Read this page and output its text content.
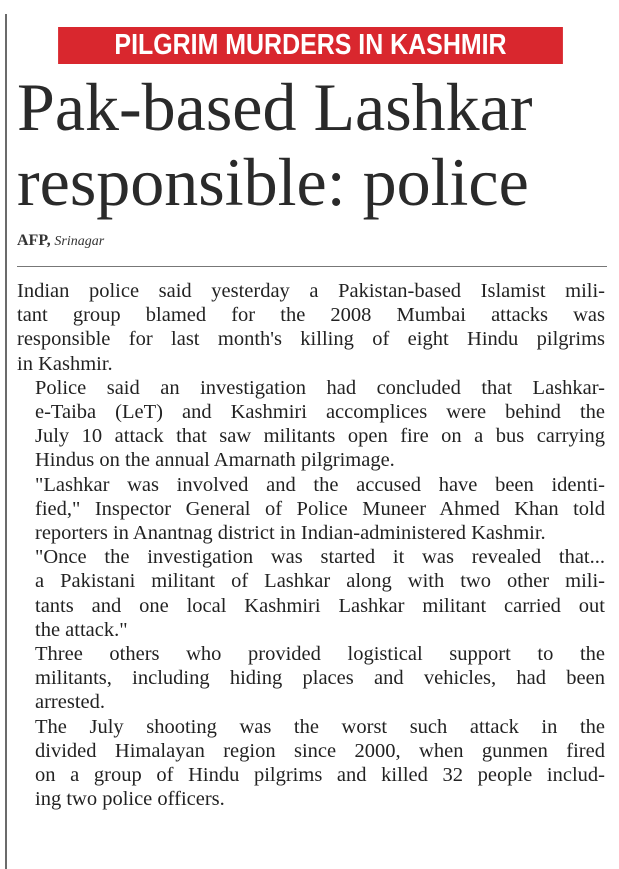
PILGRIM MURDERS IN KASHMIR
Pak-based Lashkar
responsible: police
AFP, Srinagar

Indian police said yesterday a Pakistan-based Islamist mili-
tant group blamed for the 2008 Mumbai attacks was
responsible for last month's killing of eight Hindu pilgrims
in Kashmir.

Police said an investigation had concluded that Lashkar-
e-Taiba (LeT) and Kashmiri accomplices were behind the
July 10 attack that saw militants open fire on a bus carrying
Hindus on the annual Amarnath pilgrimage.

"Lashkar was involved and the accused have been identi-
fied," Inspector General of Police Muneer Ahmed Khan told
reporters in Anantnag district in Indian-administered Kashmir.

"Once the investigation was started it was revealed that...
a Pakistani militant of Lashkar along with two other mili-
tants and one local Kashmiri Lashkar militant carried out
the attack."

Three others who provided logistical support to the
militants, including hiding places and vehicles, had been
arrested.

The July shooting was the worst such attack in the
divided Himalayan region since 2000, when gunmen fired
on a group of Hindu pilgrims and killed 32 people includ-
ing two police officers.
